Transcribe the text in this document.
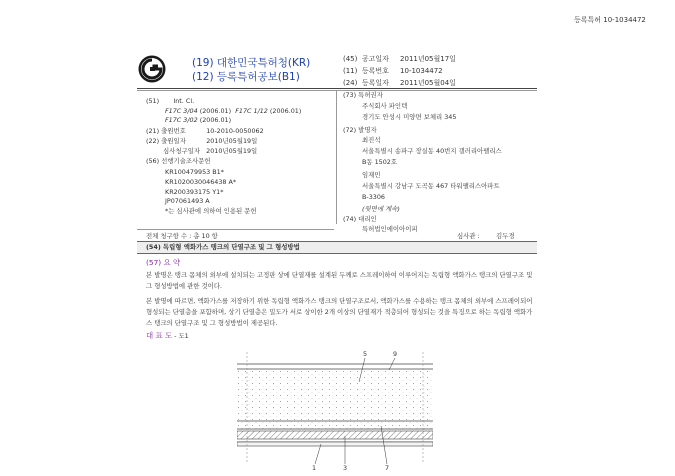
등록특허 10-1034472
(19) 대한민국특허청(KR)
(12) 등록특허공보(B1)
(45) 공고일자 2011년05월17일
(11) 등록번호 10-1034472
(24) 등록일자 2011년05월04일
(51) Int. Cl.
F17C 3/04 (2006.01) F17C 1/12 (2006.01)
F17C 3/02 (2006.01)
(21) 출원번호	10-2010-0050062
(22) 출원일자	2010년05월19일
심사청구일자 2010년05월19일
(56) 선행기술조사문헌
KR100479953 B1*
KR1020030046438 A*
KR200393175 Y1*
JP07061493 A
*는 심사관에 의하여 인용된 문헌
(73) 특허권자
주식회사 파인텍
경기도 안성시 미양면 보체리 345
(72) 발명자
최진석
서울특별시 송파구 장실동 40번지 갤러리아팰리스
B동 1502호
임재민
서울특별시 강남구 도곡동 467 타워팰리스아파트
B-3306
(뒷면에 계속)
(74) 대리인
특허법인에이아이피
전체 청구항 수 : 총 10 항	심사관 :	김두경
(54) 독립형 액화가스 탱크의 단열구조 및 그 형성방법
(57) 요 약
본 발명은 탱크 몸체의 외부에 설치되는 고정판 상에 단열재를 설계된 두께로 스프레이하여 이루어지는 독립형 액화가스 탱크의 단열구조 및 그 형성방법에 관한 것이다.
본 발명에 따르면, 액화가스를 저장하기 위한 독립형 액화가스 탱크의 단열구조로서, 액화가스를 수용하는 탱크 몸체의 외부에 스프레이되어 형성되는 단열층을 포함하며, 상기 단열층은 밀도가 서로 상이한 2개 이상의 단열재가 적층되어 형성되는 것을 특징으로 하는 독립형 액화가스 탱크의 단열구조 및 그 형성방법이 제공된다.
대 표 도 - 도1
5	9
1	3	7
